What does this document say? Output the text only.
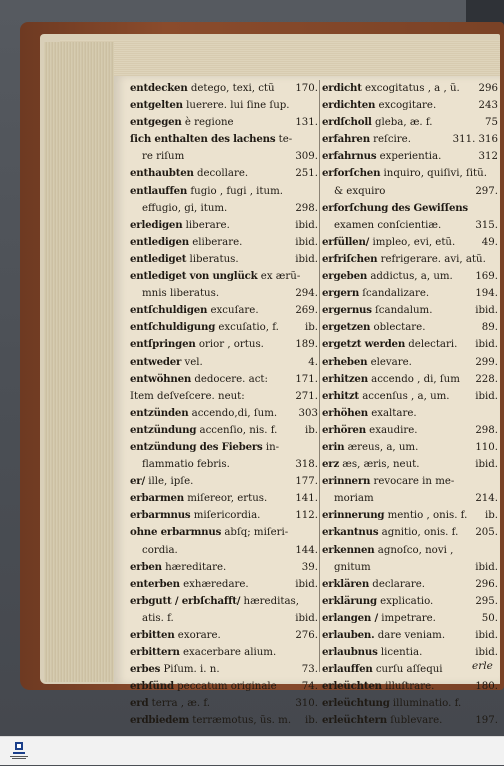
entdecken detego, texi, ctũ 170.
entgelten luerere. lui ſine ſup.
entgegen è regione	131.
ſich enthalten des lachens te-
re riſum	309.
enthaubten decollare.	251.
entlauffen fugio , fugi , itum.
effugio, gi, itum.	298.
erledigen liberare.	ibid.
entledigen eliberare.	ibid.
entlediget liberatus.	ibid.
entlediget von unglück ex ærũ-
mnis liberatus.	294.
entſchuldigen excuſare.	269.
entſchuldigung excuſatio, f.	ib.
entſpringen orior , ortus.	189.
entweder vel.	4.
entwöhnen dedocere. act:	171.
Item deſveſcere. neut:	271.
entzünden accendo,di, ſum. 303
entzündung accenſio, nis. f.	ib.
entzündung des Fiebers in-
flammatio febris.	318.
er/ ille, ipſe.	177.
erbarmen miſereor, ertus.	141.
erbarmnus miſericordia.	112.
ohne erbarmnus abſq; miſeri-
cordia.	144.
erben hæreditare.	39.
enterben exhæredare.	ibid.
erbgutt / erbſchafft/ hæreditas,
atis. f.	ibid.
erbitten exorare.	276.
erbittern exacerbare alium.
erbes Piſum. i. n.	73.
erbſünd peccatum originale 74.
erd terra , æ. f.	310.
erdbiedem terræmotus, ũs. m. ib.
erdicht excogitatus , a , ũ. 296
erdichten excogitare.	243
erdſcholl gleba, æ. f.	75
erfahren reſcire.	311. 316
erfahrnus experientia.	312
erforſchen inquiro, quiſivi, ſitũ.
& exquiro	297.
erforſchung des Gewiſſens
examen conſcientiæ.	315.
erfüllen/ impleo, evi, etũ.	49.
erfriſchen refrigerare. avi, atũ.
ergeben addictus, a, um. 169.
ergern ſcandalizare.	194.
ergernus ſcandalum.	ibid.
ergetzen oblectare.	89.
ergetzt werden delectari. ibid.
erheben elevare.	299.
erhitzen accendo , di, ſum 228.
erhitzt accenſus , a, um.	ibid.
erhöhen exaltare.
erhören exaudire.	298.
erin æreus, a, um.	110.
erz æs, æris, neut.	ibid.
erinnern revocare in me-
moriam	214.
erinnerung mentio , onis. f. ib.
erkantnus agnitio, onis. f. 205.
erkennen agnoſco, novi ,
gnitum	ibid.
erklären declarare.	296.
erklärung explicatio.	295.
erlangen / impetrare.	50.
erlauben. dare veniam.	ibid.
erlaubnus licentia.	ibid.
erlauffen curſu aſſequi
erleüchten illuſtrare.	180.
erleüchtung illuminatio. f.
erleüchtern ſublevare.	197.
erle
